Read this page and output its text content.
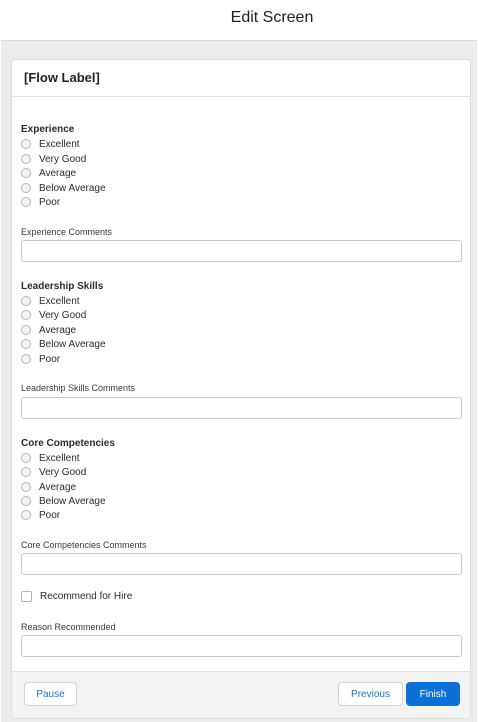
Edit Screen
[Flow Label]
Experience
Excellent
Very Good
Average
Below Average
Poor
Experience Comments
Leadership Skills
Excellent
Very Good
Average
Below Average
Poor
Leadership Skills Comments
Core Competencies
Excellent
Very Good
Average
Below Average
Poor
Core Competencies Comments
Recommend for Hire
Reason Recommended
Pause	Previous	Finish
